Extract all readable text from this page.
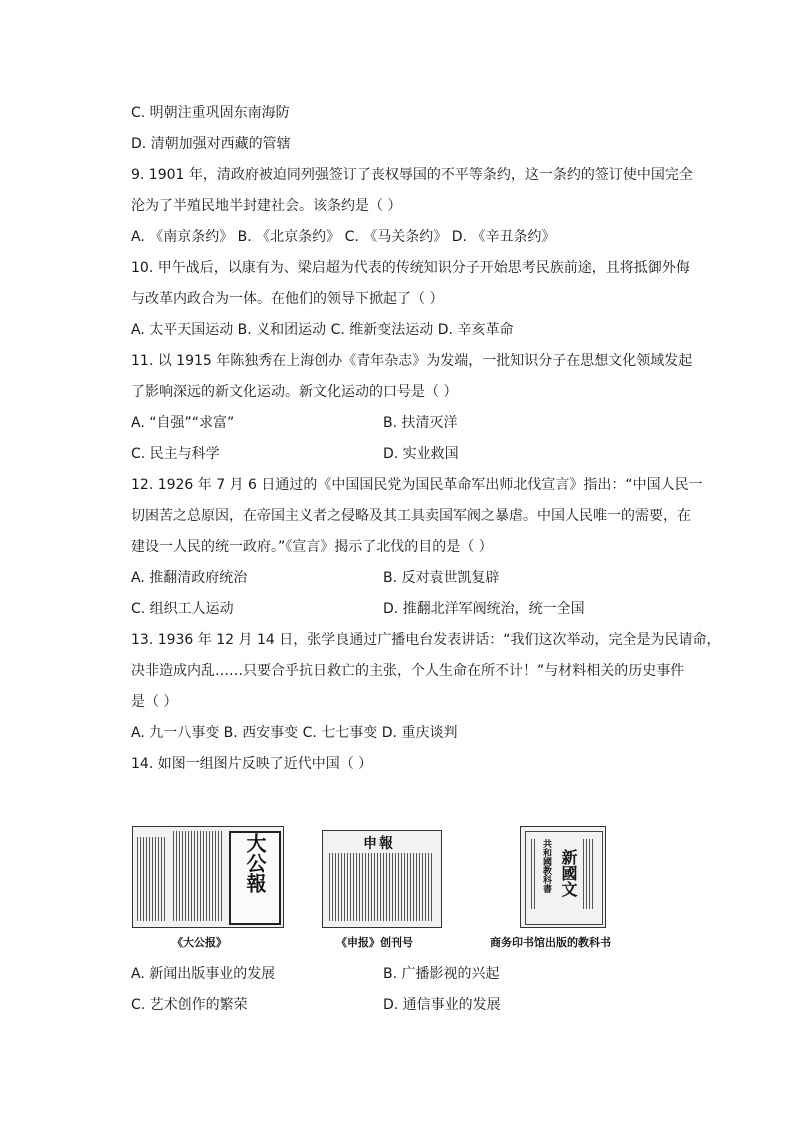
C. 明朝注重巩固东南海防
D. 清朝加强对西藏的管辖
9. 1901 年，清政府被迫同列强签订了丧权辱国的不平等条约，这一条约的签订使中国完全
沦为了半殖民地半封建社会。该条约是（ ）
A. 《南京条约》 B. 《北京条约》 C. 《马关条约》 D. 《辛丑条约》
10. 甲午战后，以康有为、梁启超为代表的传统知识分子开始思考民族前途，且将抵御外侮
与改革内政合为一体。在他们的领导下掀起了（ ）
A. 太平天国运动 B. 义和团运动 C. 维新变法运动 D. 辛亥革命
11. 以 1915 年陈独秀在上海创办《青年杂志》为发端，一批知识分子在思想文化领域发起
了影响深远的新文化运动。新文化运动的口号是（ ）
12. 1926 年 7 月 6 日通过的《中国国民党为国民革命军出师北伐宣言》指出：“中国人民一
切困苦之总原因，在帝国主义者之侵略及其工具卖国军阀之暴虐。中国人民唯一的需要，在
建设一人民的统一政府。”《宣言》揭示了北伐的目的是（ ）
13. 1936 年 12 月 14 日，张学良通过广播电台发表讲话：“我们这次举动，完全是为民请命，
决非造成内乱……只要合乎抗日救亡的主张，个人生命在所不计！”与材料相关的历史事件
是（ ）
A. 九一八事变 B. 西安事变 C. 七七事变 D. 重庆谈判
14. 如图一组图片反映了近代中国（ ）
A. “自强”“求富”	B. 扶清灭洋
C. 民主与科学	D. 实业救国
A. 推翻清政府统治	B. 反对袁世凯复辟
C. 组织工人运动	D. 推翻北洋军阀统治，统一全国
A. 新闻出版事业的发展	B. 广播影视的兴起
C. 艺术创作的繁荣	D. 通信事业的发展
大公報
《大公报》
申報
《申报》创刊号
共和國教科書 新國文
商务印书馆出版的教科书
